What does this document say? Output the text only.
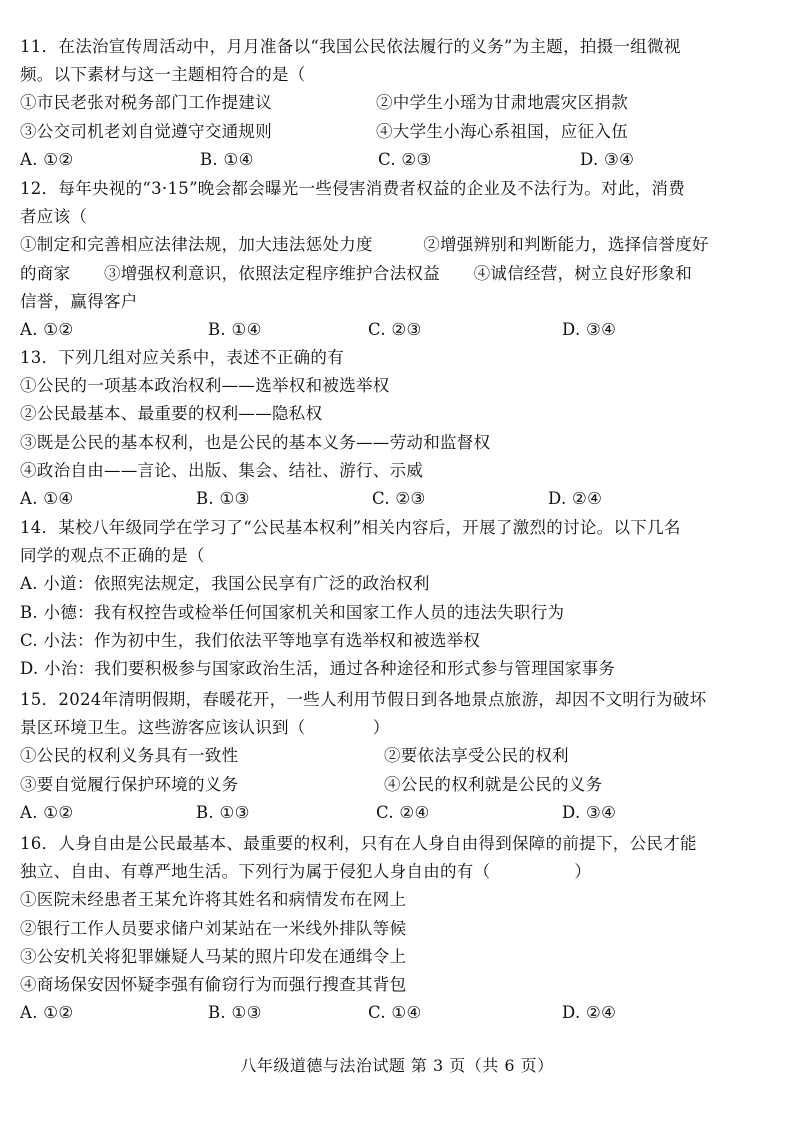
11．在法治宣传周活动中，月月准备以“我国公民依法履行的义务”为主题，拍摄一组微视
频。以下素材与这一主题相符合的是（
①市民老张对税务部门工作提建议	②中学生小瑶为甘肃地震灾区捐款
③公交司机老刘自觉遵守交通规则	④大学生小海心系祖国，应征入伍
A. ①②	B. ①④	C. ②③	D. ③④
12．每年央视的“3·15”晚会都会曝光一些侵害消费者权益的企业及不法行为。对此，消费
者应该（
①制定和完善相应法律法规，加大违法惩处力度　　　②增强辨别和判断能力，选择信誉度好
的商家　　③增强权利意识，依照法定程序维护合法权益　　④诚信经营，树立良好形象和
信誉，赢得客户
A. ①②	B. ①④	C. ②③	D. ③④
13．下列几组对应关系中，表述不正确的有
①公民的一项基本政治权利——选举权和被选举权
②公民最基本、最重要的权利——隐私权
③既是公民的基本权利，也是公民的基本义务——劳动和监督权
④政治自由——言论、出版、集会、结社、游行、示威
A. ①④	B. ①③	C. ②③	D. ②④
14．某校八年级同学在学习了“公民基本权利”相关内容后，开展了激烈的讨论。以下几名
同学的观点不正确的是（
A. 小道：依照宪法规定，我国公民享有广泛的政治权利
B. 小德：我有权控告或检举任何国家机关和国家工作人员的违法失职行为
C. 小法：作为初中生，我们依法平等地享有选举权和被选举权
D. 小治：我们要积极参与国家政治生活，通过各种途径和形式参与管理国家事务
15．2024年清明假期，春暖花开，一些人利用节假日到各地景点旅游，却因不文明行为破坏
景区环境卫生。这些游客应该认识到（　　　　）
①公民的权利义务具有一致性	②要依法享受公民的权利
③要自觉履行保护环境的义务	④公民的权利就是公民的义务
A. ①②	B. ①③	C. ②④	D. ③④
16．人身自由是公民最基本、最重要的权利，只有在人身自由得到保障的前提下，公民才能
独立、自由、有尊严地生活。下列行为属于侵犯人身自由的有（　　　　　）
①医院未经患者王某允许将其姓名和病情发布在网上
②银行工作人员要求储户刘某站在一米线外排队等候
③公安机关将犯罪嫌疑人马某的照片印发在通缉令上
④商场保安因怀疑李强有偷窃行为而强行搜查其背包
A. ①②	B. ①③	C. ①④	D. ②④
八年级道德与法治试题 第 3 页（共 6 页）
